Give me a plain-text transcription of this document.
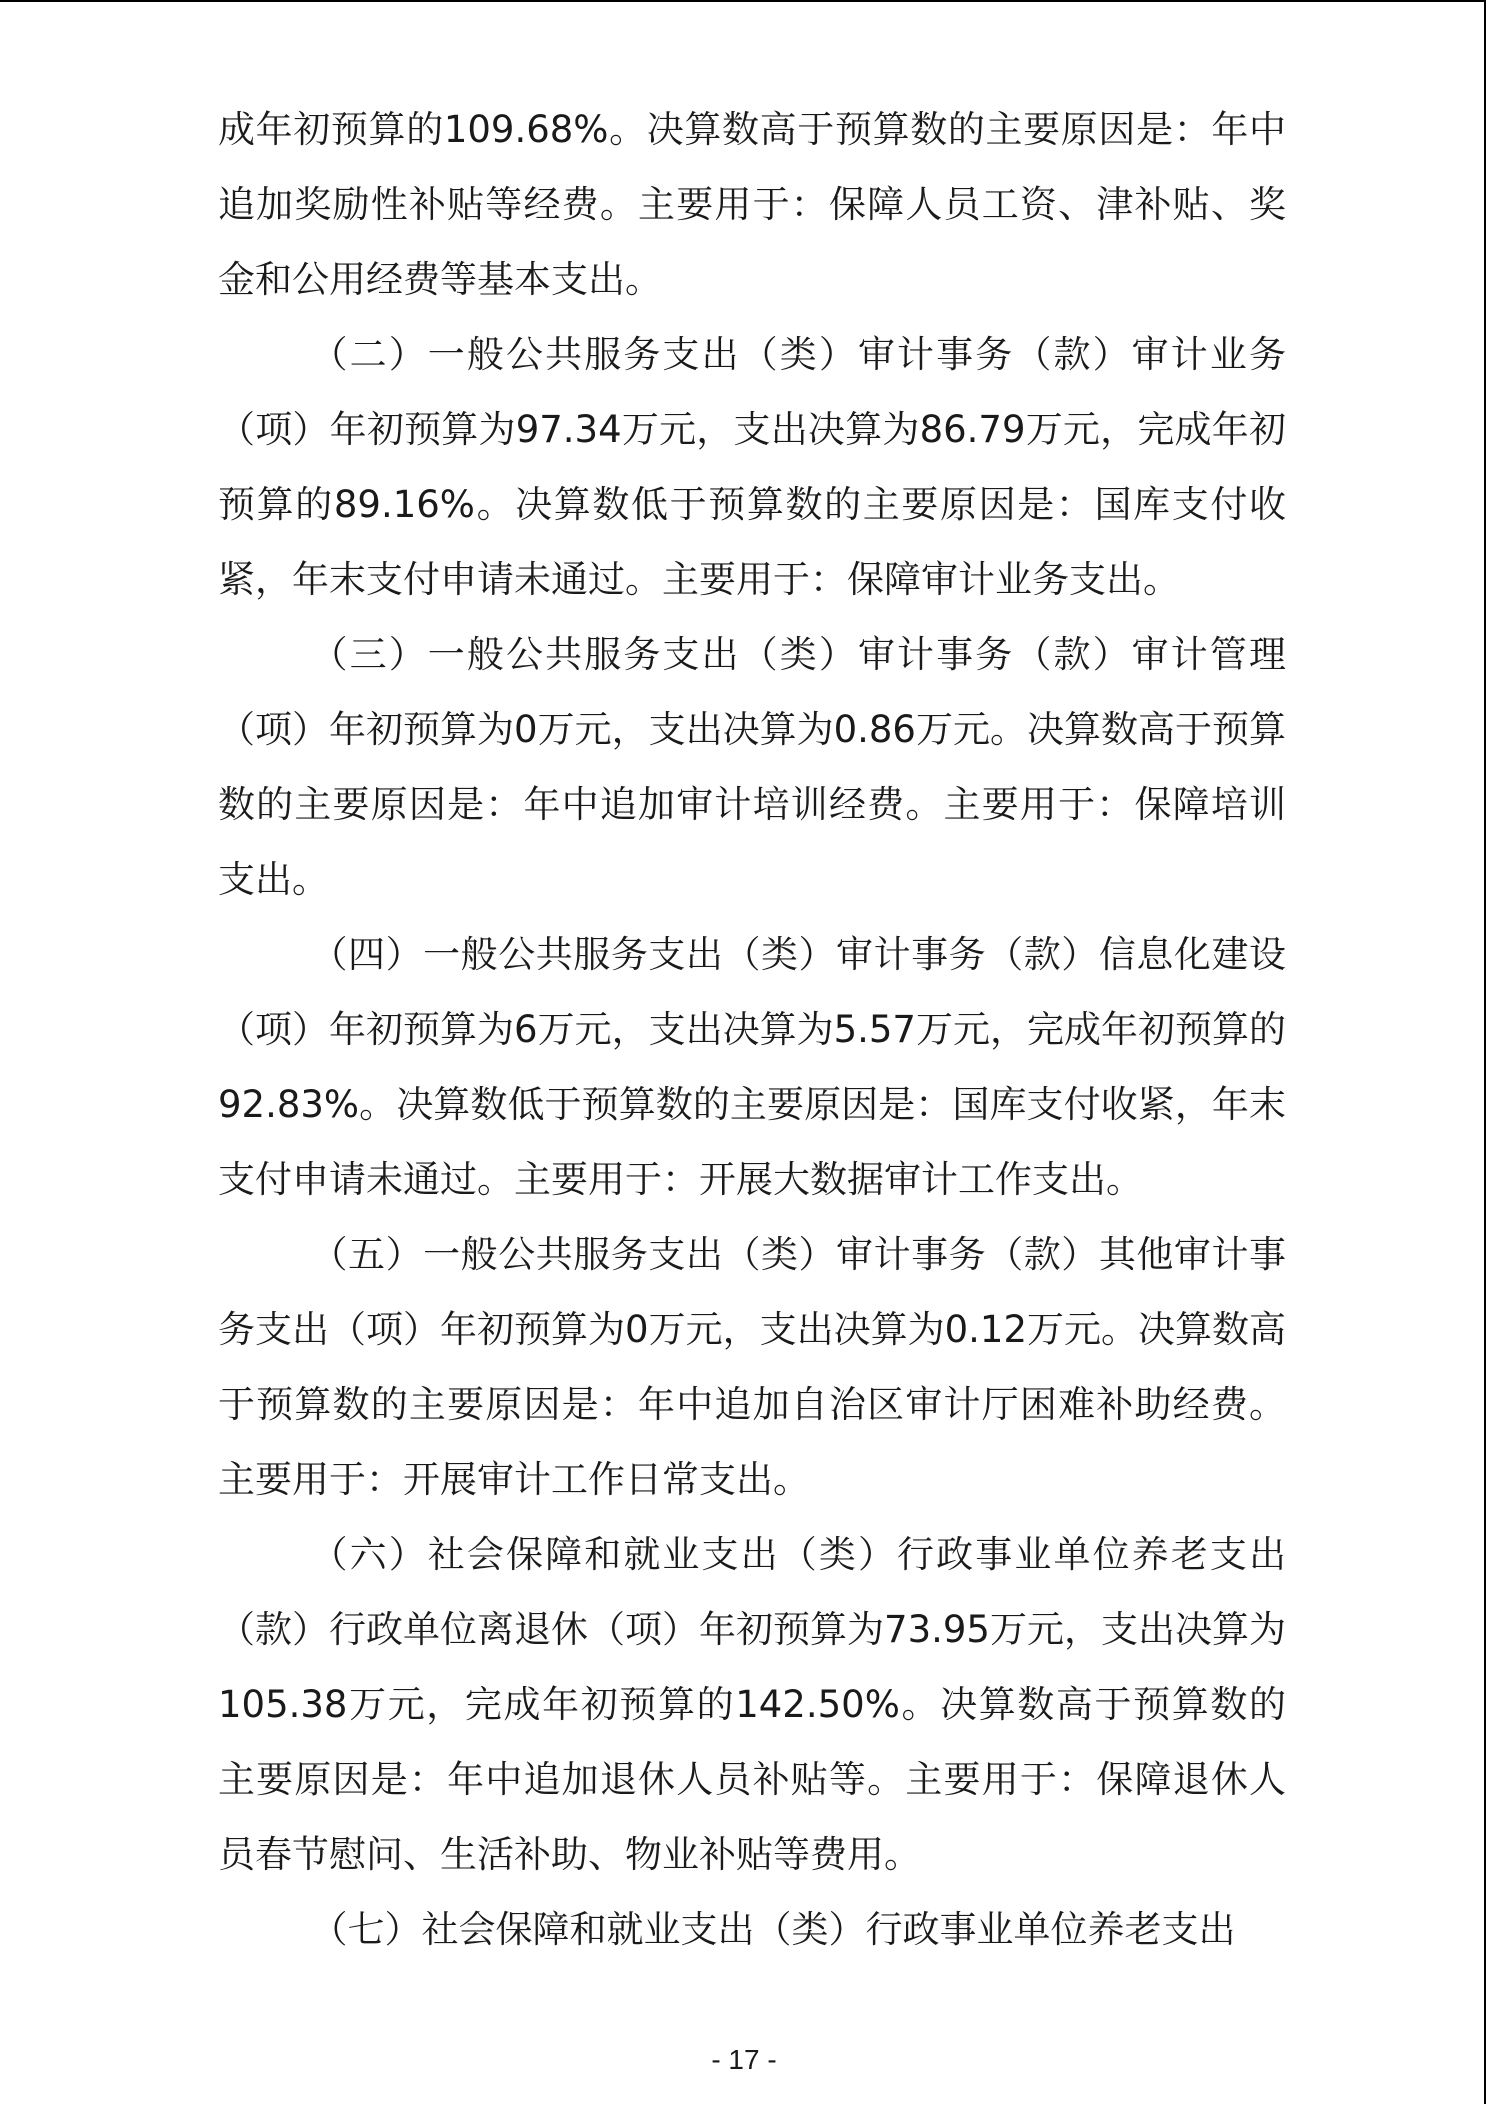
成年初预算的109.68%。决算数高于预算数的主要原因是：年中追加奖励性补贴等经费。主要用于：保障人员工资、津补贴、奖金和公用经费等基本支出。

（二）一般公共服务支出（类）审计事务（款）审计业务（项）年初预算为97.34万元，支出决算为86.79万元，完成年初预算的89.16%。决算数低于预算数的主要原因是：国库支付收紧，年末支付申请未通过。主要用于：保障审计业务支出。

（三）一般公共服务支出（类）审计事务（款）审计管理（项）年初预算为0万元，支出决算为0.86万元。决算数高于预算数的主要原因是：年中追加审计培训经费。主要用于：保障培训支出。

（四）一般公共服务支出（类）审计事务（款）信息化建设（项）年初预算为6万元，支出决算为5.57万元，完成年初预算的92.83%。决算数低于预算数的主要原因是：国库支付收紧，年末支付申请未通过。主要用于：开展大数据审计工作支出。

（五）一般公共服务支出（类）审计事务（款）其他审计事务支出（项）年初预算为0万元，支出决算为0.12万元。决算数高于预算数的主要原因是：年中追加自治区审计厅困难补助经费。主要用于：开展审计工作日常支出。

（六）社会保障和就业支出（类）行政事业单位养老支出（款）行政单位离退休（项）年初预算为73.95万元，支出决算为105.38万元，完成年初预算的142.50%。决算数高于预算数的主要原因是：年中追加退休人员补贴等。主要用于：保障退休人员春节慰问、生活补助、物业补贴等费用。

（七）社会保障和就业支出（类）行政事业单位养老支出

- 17 -
